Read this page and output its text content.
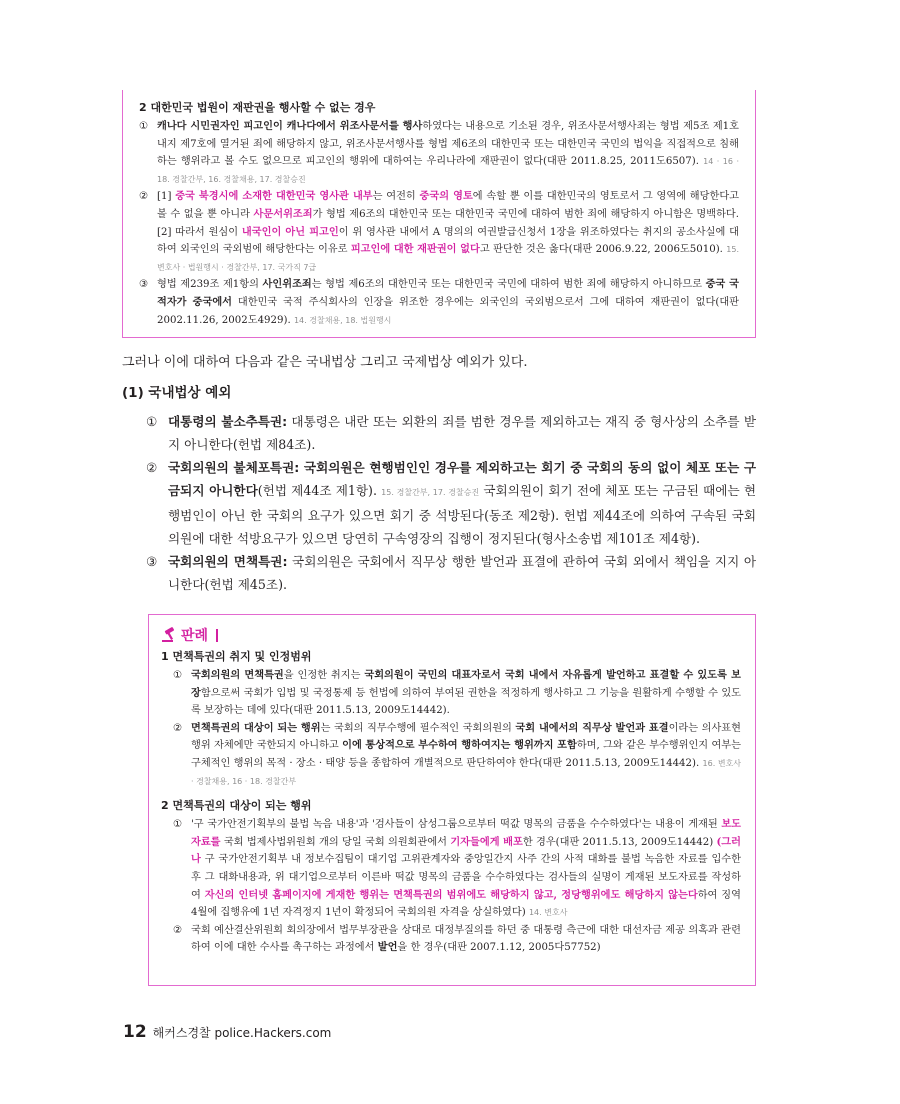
2 대한민국 법원이 재판권을 행사할 수 없는 경우
① 캐나다 시민권자인 피고인이 캐나다에서 위조사문서를 행사하였다는 내용으로 기소된 경우, 위조사문서행사죄는 형법 제5조 제1호 내지 제7호에 열거된 죄에 해당하지 않고, 위조사문서행사를 형법 제6조의 대한민국 또는 대한민국 국민의 법익을 직접적으로 침해하는 행위라고 볼 수도 없으므로 피고인의 행위에 대하여는 우리나라에 재판권이 없다(대판 2011.8.25, 2011도6507). 14 · 16 · 18. 경찰간부, 16. 경찰채용, 17. 경찰승진
② [1] 중국 북경시에 소재한 대한민국 영사관 내부는 여전히 중국의 영토에 속할 뿐 이를 대한민국의 영토로서 그 영역에 해당한다고 볼 수 없을 뿐 아니라 사문서위조죄가 형법 제6조의 대한민국 또는 대한민국 국민에 대하여 범한 죄에 해당하지 아니함은 명백하다. [2] 따라서 원심이 내국인이 아닌 피고인이 위 영사관 내에서 A 명의의 여권발급신청서 1장을 위조하였다는 취지의 공소사실에 대하여 외국인의 국외범에 해당한다는 이유로 피고인에 대한 재판권이 없다고 판단한 것은 옳다(대판 2006.9.22, 2006도5010). 15. 변호사 · 법원행시 · 경찰간부, 17. 국가직 7급
③ 형법 제239조 제1항의 사인위조죄는 형법 제6조의 대한민국 또는 대한민국 국민에 대하여 범한 죄에 해당하지 아니하므로 중국 국적자가 중국에서 대한민국 국적 주식회사의 인장을 위조한 경우에는 외국인의 국외범으로서 그에 대하여 재판권이 없다(대판 2002.11.26, 2002도4929). 14. 경찰채용, 18. 법원행시
그러나 이에 대하여 다음과 같은 국내법상 그리고 국제법상 예외가 있다.
(1) 국내법상 예외
① 대통령의 불소추특권: 대통령은 내란 또는 외환의 죄를 범한 경우를 제외하고는 재직 중 형사상의 소추를 받지 아니한다(헌법 제84조).
② 국회의원의 불체포특권: 국회의원은 현행범인인 경우를 제외하고는 회기 중 국회의 동의 없이 체포 또는 구금되지 아니한다(헌법 제44조 제1항). 15. 경찰간부, 17. 경찰승진 국회의원이 회기 전에 체포 또는 구금된 때에는 현행범인이 아닌 한 국회의 요구가 있으면 회기 중 석방된다(동조 제2항). 헌법 제44조에 의하여 구속된 국회의원에 대한 석방요구가 있으면 당연히 구속영장의 집행이 정지된다(형사소송법 제101조 제4항).
③ 국회의원의 면책특권: 국회의원은 국회에서 직무상 행한 발언과 표결에 관하여 국회 외에서 책임을 지지 아니한다(헌법 제45조).
판례
1 면책특권의 취지 및 인정범위
① 국회의원의 면책특권을 인정한 취지는 국회의원이 국민의 대표자로서 국회 내에서 자유롭게 발언하고 표결할 수 있도록 보장함으로써 국회가 입법 및 국정통제 등 헌법에 의하여 부여된 권한을 적정하게 행사하고 그 기능을 원활하게 수행할 수 있도록 보장하는 데에 있다(대판 2011.5.13, 2009도14442).
② 면책특권의 대상이 되는 행위는 국회의 직무수행에 필수적인 국회의원의 국회 내에서의 직무상 발언과 표결이라는 의사표현행위 자체에만 국한되지 아니하고 이에 통상적으로 부수하여 행하여지는 행위까지 포함하며, 그와 같은 부수행위인지 여부는 구체적인 행위의 목적 · 장소 · 태양 등을 종합하여 개별적으로 판단하여야 한다(대판 2011.5.13, 2009도14442). 16. 변호사 · 경찰채용, 16 · 18. 경찰간부
2 면책특권의 대상이 되는 행위
① '구 국가안전기획부의 불법 녹음 내용'과 '검사들이 삼성그룹으로부터 떡값 명목의 금품을 수수하였다'는 내용이 게재된 보도자료를 국회 법제사법위원회 개의 당일 국회 의원회관에서 기자들에게 배포한 경우(대판 2011.5.13, 2009도14442) (그러나 구 국가안전기획부 내 정보수집팀이 대기업 고위관계자와 중앙일간지 사주 간의 사적 대화를 불법 녹음한 자료를 입수한 후 그 대화내용과, 위 대기업으로부터 이른바 떡값 명목의 금품을 수수하였다는 검사들의 실명이 게재된 보도자료를 작성하여 자신의 인터넷 홈페이지에 게재한 행위는 면책특권의 범위에도 해당하지 않고, 정당행위에도 해당하지 않는다하여 징역 4월에 집행유예 1년 자격정지 1년이 확정되어 국회의원 자격을 상실하였다) 14. 변호사
② 국회 예산결산위원회 회의장에서 법무부장관을 상대로 대정부질의를 하던 중 대통령 측근에 대한 대선자금 제공 의혹과 관련하여 이에 대한 수사를 촉구하는 과정에서 발언을 한 경우(대판 2007.1.12, 2005다57752)
12 해커스경찰 police.Hackers.com
